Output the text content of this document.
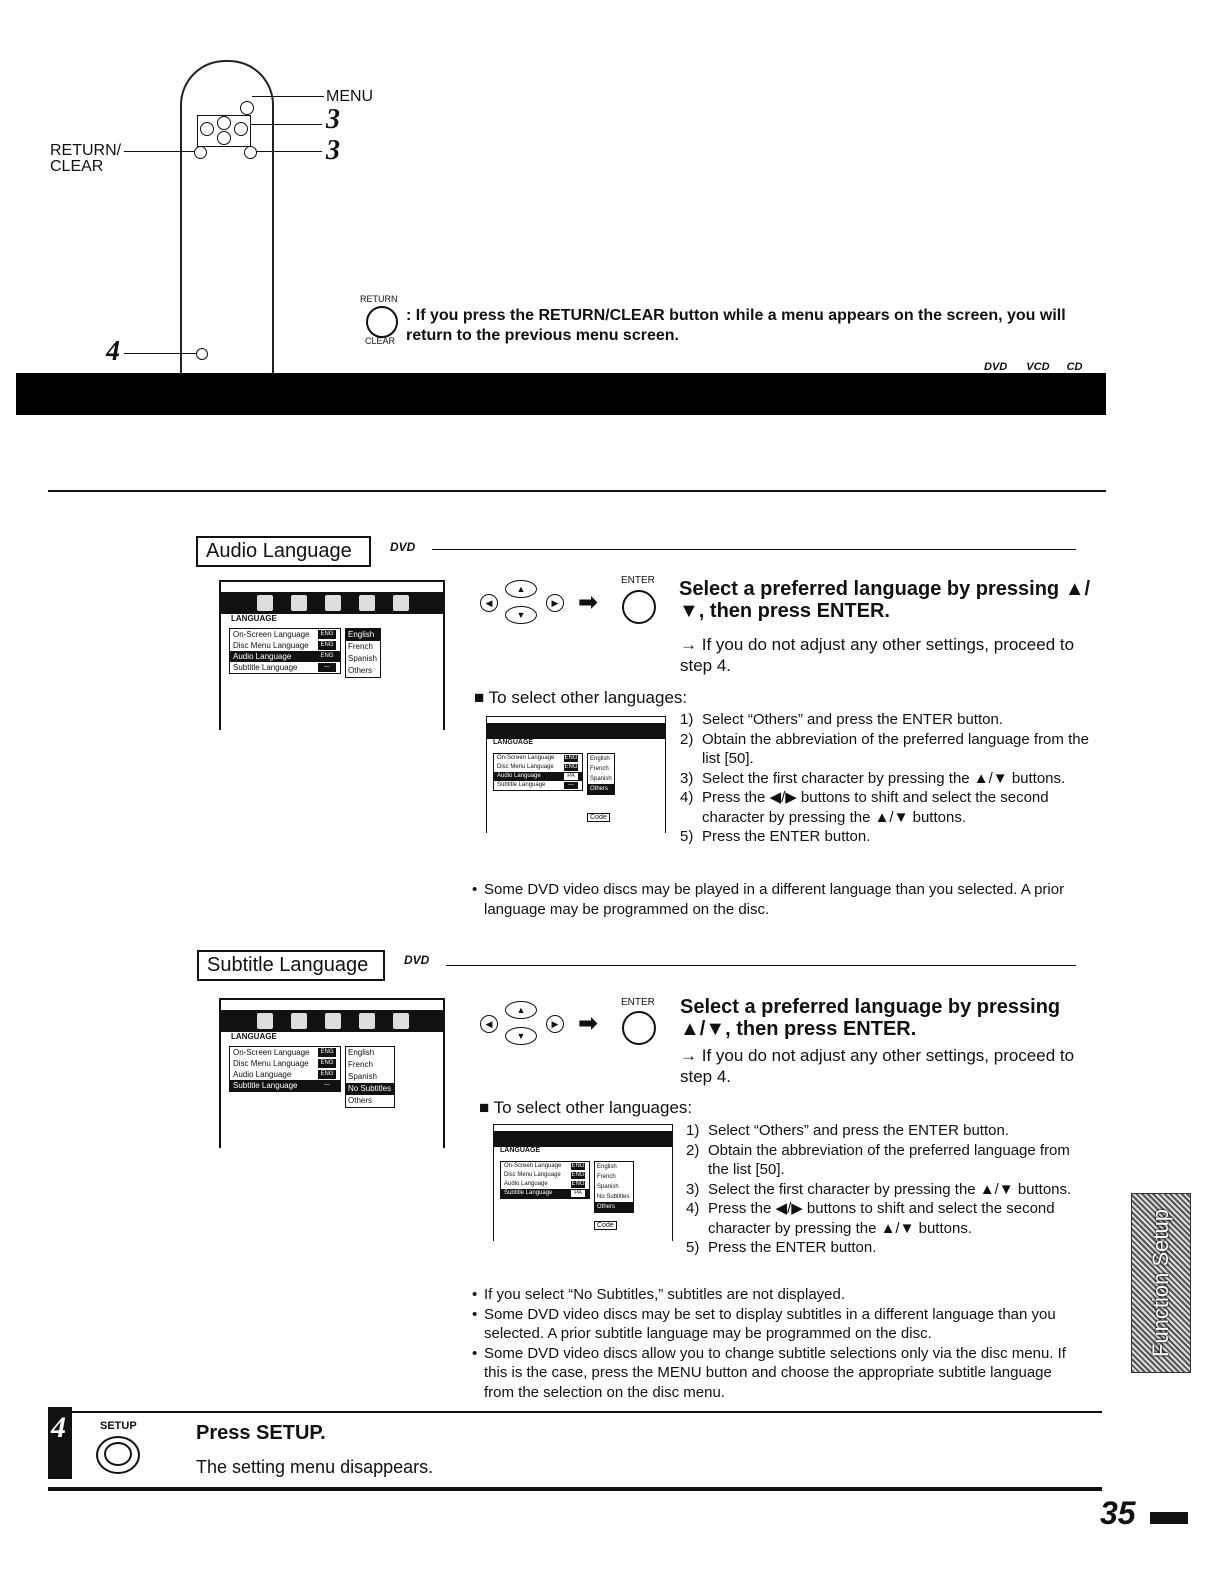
MENU
3
3
RETURN/ CLEAR
4
RETURN
CLEAR
: If you press the RETURN/CLEAR button while a menu appears on the screen, you will return to the previous menu screen.
DVD VCD CD
Audio Language	DVD
LANGUAGE
On-Screen Language	ENG
Disc Menu Language	ENG
Audio Language	ENG
Subtitle Language	---
English
French
Spanish
Others
◀
▲
▼
▶ ➡
ENTER Select a preferred language by pressing ▲/ ▼, then press ENTER.
→ If you do not adjust any other settings, proceed to step 4.
■ To select other languages:
LANGUAGE
On-Screen Language ENG
Disc Menu Language ENG
Audio Language	PA
Subtitle Language	---
English
French
Spanish
Others
Code
1) Select “Others” and press the ENTER button.
2) Obtain the abbreviation of the preferred language from the list [50].
3) Select the first character by pressing the ▲/▼ buttons.
4) Press the ◀/▶ buttons to shift and select the second character by pressing the ▲/▼ buttons.
5) Press the ENTER button.
• Some DVD video discs may be played in a different language than you selected. A prior language may be programmed on the disc.
Subtitle Language	DVD
LANGUAGE
On-Screen Language	ENG
Disc Menu Language	ENG
Audio Language	ENG
Subtitle Language	---
English
French
Spanish
No Subtitles
Others
◀
▲
▼
▶ ➡
ENTER Select a preferred language by pressing ▲/▼, then press ENTER.
→ If you do not adjust any other settings, proceed to step 4.
■ To select other languages:
LANGUAGE
On-Screen Language ENG
Disc Menu Language ENG
Audio Language	ENG
Subtitle Language	PA
English
French
Spanish
No Subtitles
Others
Code
1) Select “Others” and press the ENTER button.
2) Obtain the abbreviation of the preferred language from the list [50].
3) Select the first character by pressing the ▲/▼ buttons.
4) Press the ◀/▶ buttons to shift and select the second character by pressing the ▲/▼ buttons.
5) Press the ENTER button.
• If you select “No Subtitles,” subtitles are not displayed.
• Some DVD video discs may be set to display subtitles in a different language than you selected. A prior subtitle language may be programmed on the disc.
• Some DVD video discs allow you to change subtitle selections only via the disc menu. If this is the case, press the MENU button and choose the appropriate subtitle language from the selection on the disc menu.
Function Setup
4	SETUP	Press SETUP.
The setting menu disappears.
35
